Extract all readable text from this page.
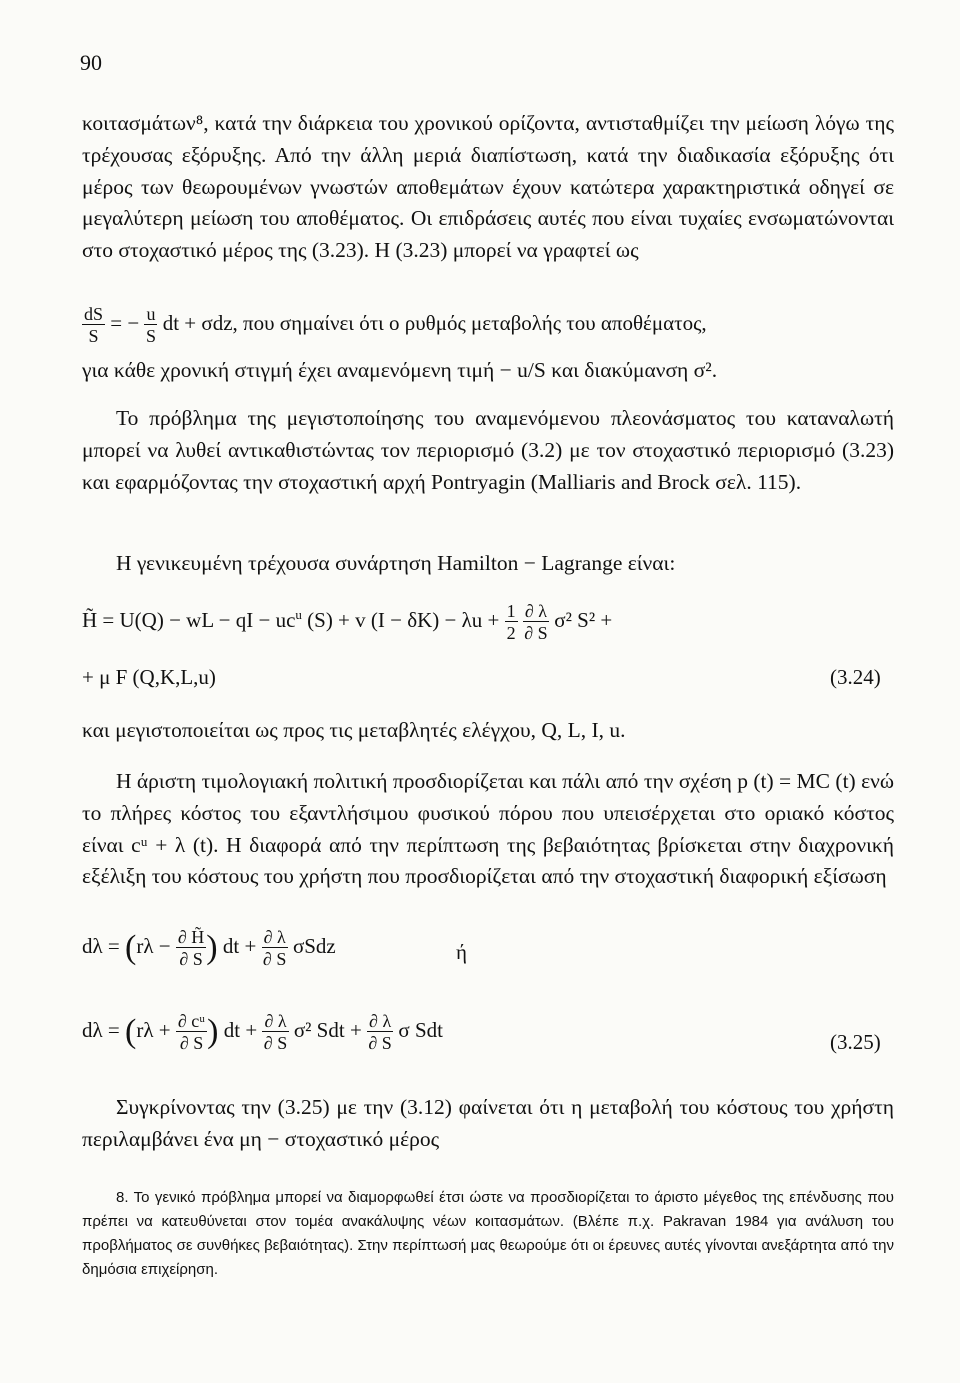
90

κοιτασμάτων⁸, κατά την διάρκεια του χρονικού ορίζοντα, αντισταθμίζει την μείωση λόγω της τρέχουσας εξόρυξης. Από την άλλη μεριά διαπίστωση, κατά την διαδικασία εξόρυξης ότι μέρος των θεωρουμένων γνωστών αποθεμάτων έχουν κατώτερα χαρακτηριστικά οδηγεί σε μεγαλύτερη μείωση του αποθέματος. Οι επιδράσεις αυτές που είναι τυχαίες ενσωματώνονται στο στοχαστικό μέρος της (3.23). Η (3.23) μπορεί να γραφτεί ως

$\frac{dS}{S}$ = − $\frac{u}{S}$ dt + σdz, που σημαίνει ότι ο ρυθμός μεταβολής του αποθέματος,
για κάθε χρονική στιγμή έχει αναμενόμενη τιμή − u/S και διακύμανση σ².

Το πρόβλημα της μεγιστοποίησης του αναμενόμενου πλεονάσματος του καταναλωτή μπορεί να λυθεί αντικαθιστώντας τον περιορισμό (3.2) με τον στοχαστικό περιορισμό (3.23) και εφαρμόζοντας την στοχαστική αρχή Pontryagin (Malliaris and Brock σελ. 115).

Η γενικευμένη τρέχουσα συνάρτηση Hamilton − Lagrange είναι:

H̃ = U(Q) − wL − qI − $uc^u$ (S) + v $(I - \delta K) - \lambda u + \frac{1}{2}$
$\frac{\partial \lambda}{\partial S} \sigma^2$ S² +
+ μ F (Q,K,L,u)	(3.24)
και μεγιστοποιείται ως προς τις μεταβλητές ελέγχου, Q, L, I, u.

Η άριστη τιμολογιακή πολιτική προσδιορίζεται και πάλι από την σχέση p (t) = MC (t) ενώ το πλήρες κόστος του εξαντλήσιμου φυσικού πόρου που υπεισέρχεται στο οριακό κόστος είναι cᵘ + λ (t). Η διαφορά από την περίπτωση της βεβαιότητας βρίσκεται στην διαχρονική εξέλιξη του κόστους του χρήστη που προσδιορίζεται από την στοχαστική διαφορική εξίσωση

$d\lambda = (r\lambda - \frac{\partial H̃}{\partial S}$ ) dt + $\frac{\partial \lambda}{\partial S}$ σSdz	ή
$d\lambda = (r\lambda + \frac{\text{∂ cᵘ}}{\partial S}$ ) dt + $\frac{\partial \lambda}{\partial S} \sigma^2$ Sdt + $\frac{\partial \lambda}{\partial S}$ σ Sdt
(3.25)

Συγκρίνοντας την (3.25) με την (3.12) φαίνεται ότι η μεταβολή του κόστους του χρήστη περιλαμβάνει ένα μη − στοχαστικό μέρος

8. Το γενικό πρόβλημα μπορεί να διαμορφωθεί έτσι ώστε να προσδιορίζεται το άριστο μέγεθος της επένδυσης που πρέπει να κατευθύνεται στον τομέα ανακάλυψης νέων κοιτασμάτων. (Βλέπε π.χ. Pakravan 1984 για ανάλυση του προβλήματος σε συνθήκες βεβαιότητας). Στην περίπτωσή μας θεωρούμε ότι οι έρευνες αυτές γίνονται ανεξάρτητα από την δημόσια επιχείρηση.
